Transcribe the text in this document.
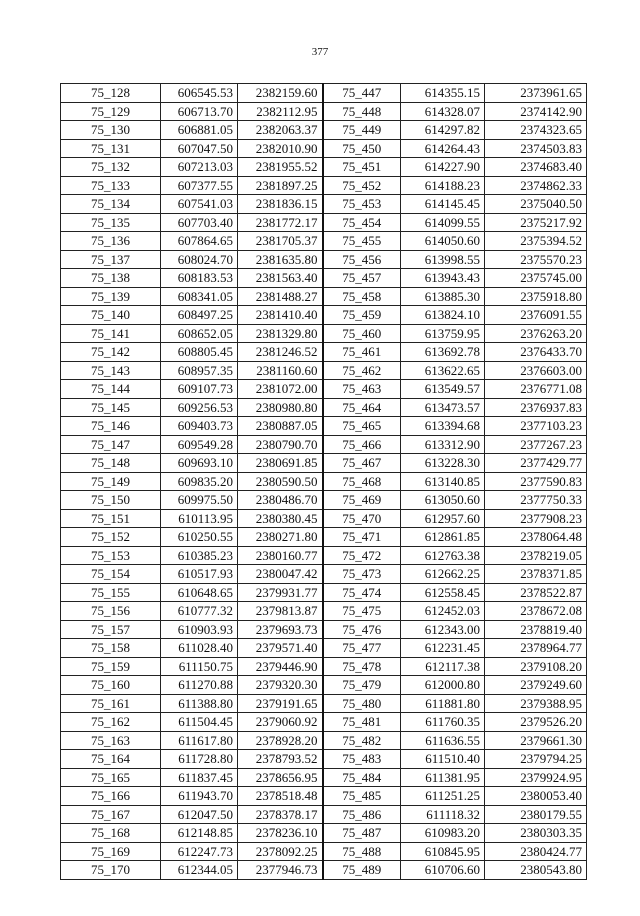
377
75_128	606545.53	2382159.60	75_447	614355.15	2373961.65
75_129	606713.70	2382112.95	75_448	614328.07	2374142.90
75_130	606881.05	2382063.37	75_449	614297.82	2374323.65
75_131	607047.50	2382010.90	75_450	614264.43	2374503.83
75_132	607213.03	2381955.52	75_451	614227.90	2374683.40
75_133	607377.55	2381897.25	75_452	614188.23	2374862.33
75_134	607541.03	2381836.15	75_453	614145.45	2375040.50
75_135	607703.40	2381772.17	75_454	614099.55	2375217.92
75_136	607864.65	2381705.37	75_455	614050.60	2375394.52
75_137	608024.70	2381635.80	75_456	613998.55	2375570.23
75_138	608183.53	2381563.40	75_457	613943.43	2375745.00
75_139	608341.05	2381488.27	75_458	613885.30	2375918.80
75_140	608497.25	2381410.40	75_459	613824.10	2376091.55
75_141	608652.05	2381329.80	75_460	613759.95	2376263.20
75_142	608805.45	2381246.52	75_461	613692.78	2376433.70
75_143	608957.35	2381160.60	75_462	613622.65	2376603.00
75_144	609107.73	2381072.00	75_463	613549.57	2376771.08
75_145	609256.53	2380980.80	75_464	613473.57	2376937.83
75_146	609403.73	2380887.05	75_465	613394.68	2377103.23
75_147	609549.28	2380790.70	75_466	613312.90	2377267.23
75_148	609693.10	2380691.85	75_467	613228.30	2377429.77
75_149	609835.20	2380590.50	75_468	613140.85	2377590.83
75_150	609975.50	2380486.70	75_469	613050.60	2377750.33
75_151	610113.95	2380380.45	75_470	612957.60	2377908.23
75_152	610250.55	2380271.80	75_471	612861.85	2378064.48
75_153	610385.23	2380160.77	75_472	612763.38	2378219.05
75_154	610517.93	2380047.42	75_473	612662.25	2378371.85
75_155	610648.65	2379931.77	75_474	612558.45	2378522.87
75_156	610777.32	2379813.87	75_475	612452.03	2378672.08
75_157	610903.93	2379693.73	75_476	612343.00	2378819.40
75_158	611028.40	2379571.40	75_477	612231.45	2378964.77
75_159	611150.75	2379446.90	75_478	612117.38	2379108.20
75_160	611270.88	2379320.30	75_479	612000.80	2379249.60
75_161	611388.80	2379191.65	75_480	611881.80	2379388.95
75_162	611504.45	2379060.92	75_481	611760.35	2379526.20
75_163	611617.80	2378928.20	75_482	611636.55	2379661.30
75_164	611728.80	2378793.52	75_483	611510.40	2379794.25
75_165	611837.45	2378656.95	75_484	611381.95	2379924.95
75_166	611943.70	2378518.48	75_485	611251.25	2380053.40
75_167	612047.50	2378378.17	75_486	611118.32	2380179.55
75_168	612148.85	2378236.10	75_487	610983.20	2380303.35
75_169	612247.73	2378092.25	75_488	610845.95	2380424.77
75_170	612344.05	2377946.73	75_489	610706.60	2380543.80
